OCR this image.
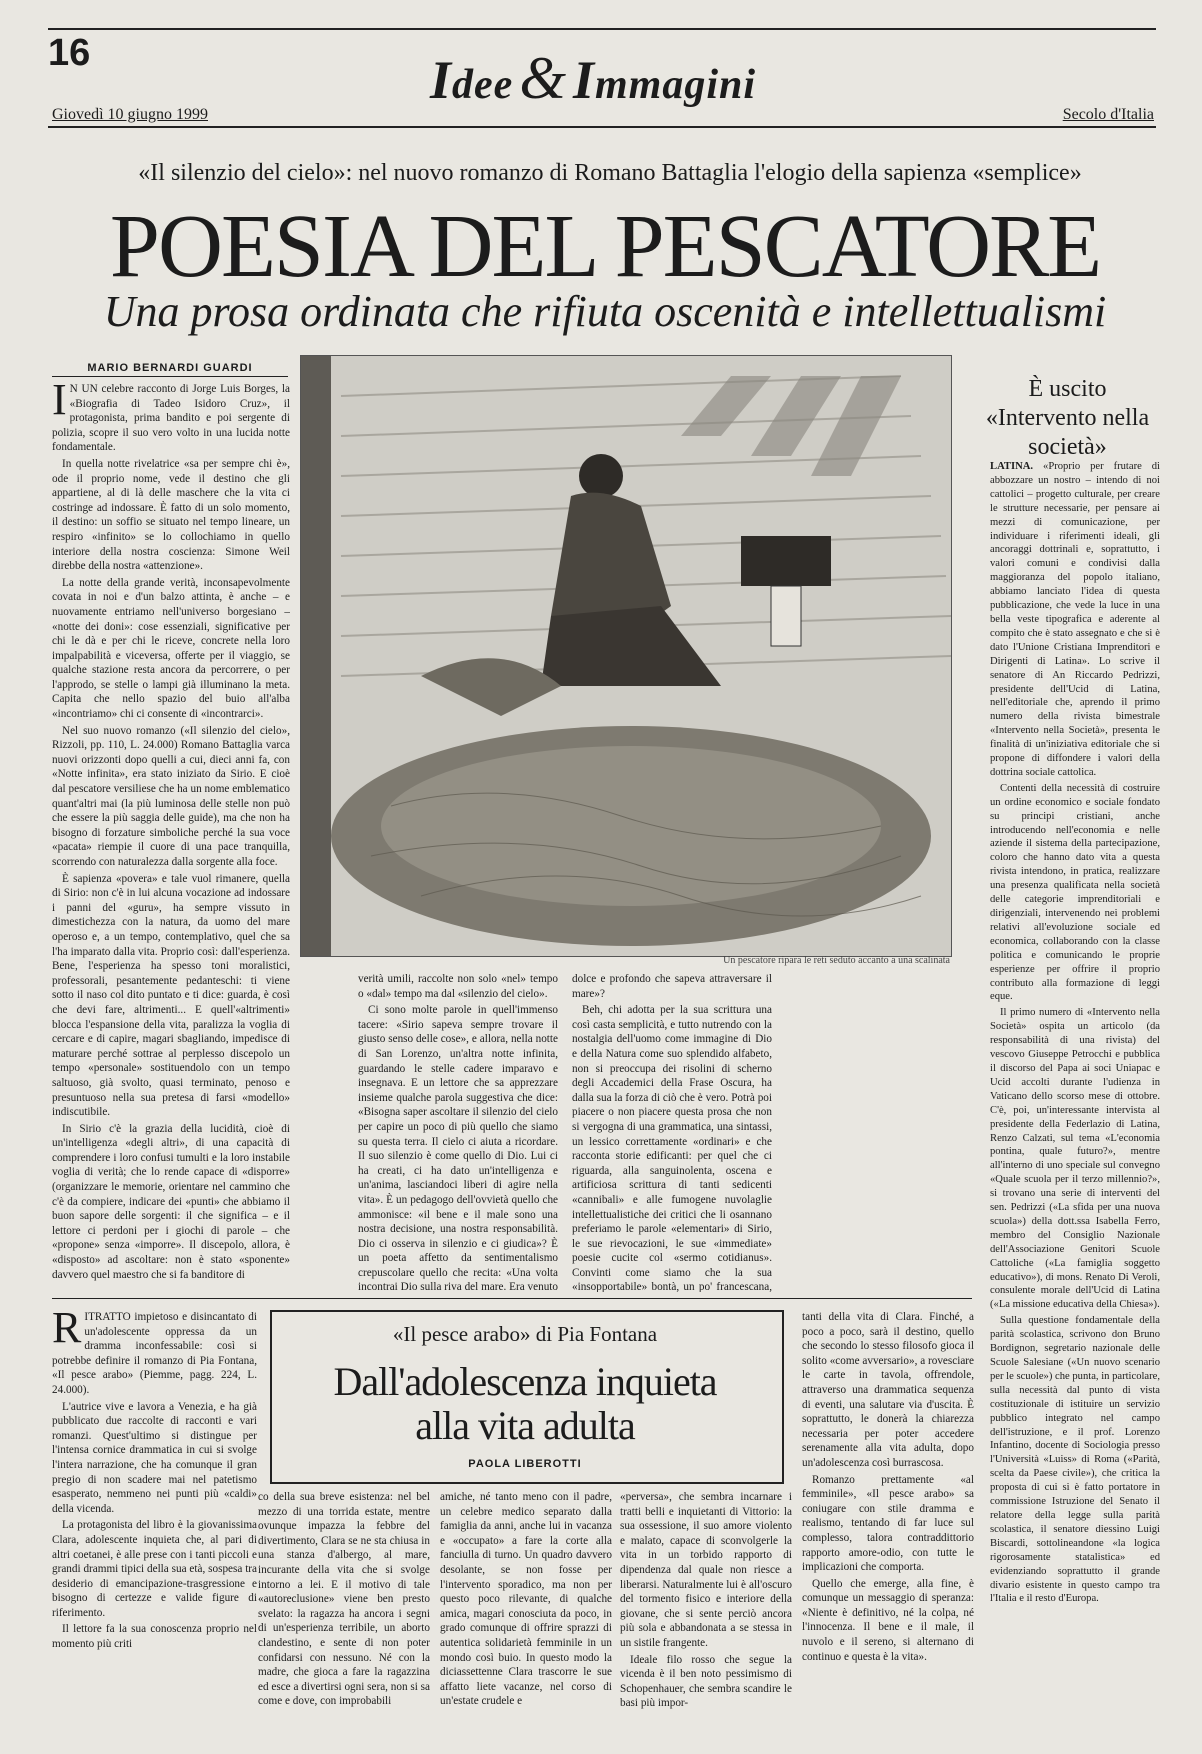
16	Idee & Immagini
Giovedì 10 giugno 1999	Secolo d'Italia
«Il silenzio del cielo»: nel nuovo romanzo di Romano Battaglia l'elogio della sapienza «semplice»
POESIA DEL PESCATORE
Una prosa ordinata che rifiuta oscenità e intellettualismi
MARIO BERNARDI GUARDI
I N UN celebre racconto di Jorge Luis Borges, la «Biografia di Tadeo Isidoro Cruz», il protagonista, prima bandito e poi sergente di polizia, scopre il suo vero volto in una lucida notte fondamentale.

In quella notte rivelatrice «sa per sempre chi è», ode il proprio nome, vede il destino che gli appartiene, al di là delle maschere che la vita ci costringe ad indossare. È fatto di un solo momento, il destino: un soffio se situato nel tempo lineare, un respiro «infinito» se lo collochiamo in quello interiore della nostra coscienza: Simone Weil direbbe della nostra «attenzione».

La notte della grande verità, inconsapevolmente covata in noi e d'un balzo attinta, è anche – e nuovamente entriamo nell'universo borgesiano – «notte dei doni»: cose essenziali, significative per chi le dà e per chi le riceve, concrete nella loro impalpabilità e viceversa, offerte per il viaggio, se qualche stazione resta ancora da percorrere, o per l'approdo, se stelle o lampi già illuminano la meta. Capita che nello spazio del buio all'alba «incontriamo» chi ci consente di «incontrarci».

Nel suo nuovo romanzo («Il silenzio del cielo», Rizzoli, pp. 110, L. 24.000) Romano Battaglia varca nuovi orizzonti dopo quelli a cui, dieci anni fa, con «Notte infinita», era stato iniziato da Sirio. E cioè dal pescatore versiliese che ha un nome emblematico quant'altri mai (la più luminosa delle stelle non può che essere la più saggia delle guide), ma che non ha bisogno di forzature simboliche perché la sua voce «pacata» riempie il cuore di una pace tranquilla, scorrendo con naturalezza dalla sorgente alla foce.

È sapienza «povera» e tale vuol rimanere, quella di Sirio: non c'è in lui alcuna vocazione ad indossare i panni del «guru», ha sempre vissuto in dimestichezza con la natura, da uomo del mare operoso e, a un tempo, contemplativo, quel che sa l'ha imparato dalla vita. Proprio così: dall'esperienza. Bene, l'esperienza ha spesso toni moralistici, professorali, pesantemente pedanteschi: ti viene sotto il naso col dito puntato e ti dice: guarda, è così che devi fare, altrimenti... E quell'«altrimenti» blocca l'espansione della vita, paralizza la voglia di cercare e di capire, magari sbagliando, impedisce di maturare perché sottrae al perplesso discepolo un tempo «personale» sostituendolo con un tempo saltuoso, già svolto, quasi terminato, penoso e presuntuoso nella sua pretesa di farsi «modello» indiscutibile.

In Sirio c'è la grazia della lucidità, cioè di un'intelligenza «degli altri», di una capacità di comprendere i loro confusi tumulti e la loro instabile voglia di verità; che lo rende capace di «disporre» (organizzare le memorie, orientare nel cammino che c'è da compiere, indicare dei «punti» che abbiamo il buon sapore delle sorgenti: il che significa – e il lettore ci perdoni per i giochi di parole – che «propone» senza «imporre». Il discepolo, allora, è «disposto» ad ascoltare: non è stato «sponente» davvero quel maestro che si fa banditore di

È uscito «Intervento nella società»

LATINA. «Proprio per frutare di abbozzare un nostro – intendo di noi cattolici – progetto culturale, per creare le strutture necessarie, per pensare ai mezzi di comunicazione, per individuare i riferimenti ideali, gli ancoraggi dottrinali e, soprattutto, i valori comuni e condivisi dalla maggioranza del popolo italiano, abbiamo lanciato l'idea di questa pubblicazione, che vede la luce in una bella veste tipografica e aderente al compito che è stato assegnato e che si è dato l'Unione Cristiana Imprenditori e Dirigenti di Latina». Lo scrive il senatore di An Riccardo Pedrizzi, presidente dell'Ucid di Latina, nell'editoriale che, aprendo il primo numero della rivista bimestrale «Intervento nella Società», presenta le finalità di un'iniziativa editoriale che si propone di diffondere i valori della dottrina sociale cattolica.

Contenti della necessità di costruire un ordine economico e sociale fondato su principi cristiani, anche introducendo nell'economia e nelle aziende il sistema della partecipazione, coloro che hanno dato vita a questa rivista intendono, in pratica, realizzare una presenza qualificata nella società delle categorie imprenditoriali e dirigenziali, intervenendo nei problemi relativi all'evoluzione sociale ed economica, collaborando con la classe politica e comunicando le proprie esperienze per offrire il proprio contributo alla formazione di leggi eque.

Il primo numero di «Intervento nella Società» ospita un articolo (da responsabilità di una rivista) del vescovo Giuseppe Petrocchi e pubblica il discorso del Papa ai soci Uniapac e Ucid accolti durante l'udienza in Vaticano dello scorso mese di ottobre. C'è, poi, un'interessante intervista al presidente della Federlazio di Latina, Renzo Calzati, sul tema «L'economia pontina, quale futuro?», mentre all'interno di uno speciale sul convegno «Quale scuola per il terzo millennio?», si trovano una serie di interventi del sen. Pedrizzi («La sfida per una nuova scuola») della dott.ssa Isabella Ferro, membro del Consiglio Nazionale dell'Associazione Genitori Scuole Cattoliche («La famiglia soggetto educativo»), di mons. Renato Di Veroli, consulente morale dell'Ucid di Latina («La missione educativa della Chiesa»).

Sulla questione fondamentale della parità scolastica, scrivono don Bruno Bordignon, segretario nazionale delle Scuole Salesiane («Un nuovo scenario per le scuole») che punta, in particolare, sulla necessità dal punto di vista costituzionale di istituire un servizio pubblico integrato nel campo dell'istruzione, e il prof. Lorenzo Infantino, docente di Sociologia presso l'Università «Luiss» di Roma («Parità, scelta da Paese civile»), che critica la proposta di cui si è fatto portatore in commissione Istruzione del Senato il relatore della legge sulla parità scolastica, il senatore diessino Luigi Biscardi, sottolineandone «la logica rigorosamente statalistica» ed evidenziando soprattutto il grande divario esistente in questo campo tra l'Italia e il resto d'Europa.

verità umili, raccolte non solo «nel» tempo o «dal» tempo ma dal «silenzio del cielo».

Ci sono molte parole in quell'immenso tacere: «Sirio sapeva sempre trovare il giusto senso delle cose», e allora, nella notte di San Lorenzo, un'altra notte infinita, guardando le stelle cadere imparavo e insegnava. E un lettore che sa apprezzare insieme qualche parola suggestiva che dice: «Bisogna saper ascoltare il silenzio del cielo per capire un poco di più quello che siamo su questa terra. Il cielo ci aiuta a ricordare. Il suo silenzio è come quello di Dio. Lui ci ha creati, ci ha dato un'intelligenza e un'anima, lasciandoci liberi di agire nella vita». È un pedagogo dell'ovvietà quello che ammonisce: «il bene e il male sono una nostra decisione, una nostra responsabilità. Dio ci osserva in silenzio e ci giudica»? È un poeta affetto da sentimentalismo crepuscolare quello che recita: «Una volta incontrai Dio sulla riva del mare. Era venuto

dolce e profondo che sapeva attraversare il mare»?

Beh, chi adotta per la sua scrittura una così casta semplicità, e tutto nutrendo con la nostalgia dell'uomo come immagine di Dio e della Natura come suo splendido alfabeto, non si preoccupa dei risolini di scherno degli Accademici della Frase Oscura, ha dalla sua la forza di ciò che è vero. Potrà poi piacere o non piacere questa prosa che non si vergogna di una grammatica, una sintassi, un lessico correttamente «ordinari» e che racconta storie edificanti: per quel che ci riguarda, alla sanguinolenta, oscena e artificiosa scrittura di tanti sedicenti «cannibali» e alle fumogene nuvolaglie intellettualistiche dei critici che li osannano preferiamo le parole «elementari» di Sirio, le sue rievocazioni, le sue «immediate» poesie cucite col «sermo cotidianus». Convinti come siamo che la sua «insopportabile» bontà, un po' francescana,

«Il pesce arabo» di Pia Fontana
Dall'adolescenza inquieta
alla vita adulta
PAOLA LIBEROTTI
R ITRATTO impietoso e disincantato di un'adolescente oppressa da un dramma inconfessabile: così si potrebbe definire il romanzo di Pia Fontana, «Il pesce arabo» (Piemme, pagg. 224, L. 24.000).

L'autrice vive e lavora a Venezia, e ha già pubblicato due raccolte di racconti e vari romanzi. Quest'ultimo si distingue per l'intensa cornice drammatica in cui si svolge l'intera narrazione, che ha comunque il gran pregio di non scadere mai nel patetismo esasperato, nemmeno nei punti più «caldi» della vicenda.

La protagonista del libro è la giovanissima Clara, adolescente inquieta che, al pari di altri coetanei, è alle prese con i tanti piccoli e grandi drammi tipici della sua età, sospesa tra desiderio di emancipazione-trasgressione e bisogno di certezze e valide figure di riferimento.

Il lettore fa la sua conoscenza proprio nel momento più criti

co della sua breve esistenza: nel bel mezzo di una torrida estate, mentre ovunque impazza la febbre del divertimento, Clara se ne sta chiusa in una stanza d'albergo, al mare, incurante della vita che si svolge intorno a lei. E il motivo di tale «autoreclusione» viene ben presto svelato: la ragazza ha ancora i segni di un'esperienza terribile, un aborto clandestino, e sente di non poter confidarsi con nessuno. Né con la madre, che gioca a fare la ragazzina ed esce a divertirsi ogni sera, non si sa come e dove, con improbabili

amiche, né tanto meno con il padre, un celebre medico separato dalla famiglia da anni, anche lui in vacanza e «occupato» a fare la corte alla fanciulla di turno. Un quadro davvero desolante, se non fosse per l'intervento sporadico, ma non per questo poco rilevante, di qualche amica, magari conosciuta da poco, in grado comunque di offrire sprazzi di autentica solidarietà femminile in un mondo così buio. In questo modo la diciassettenne Clara trascorre le sue affatto liete vacanze, nel corso di un'estate crudele e

«perversa», che sembra incarnare i tratti belli e inquietanti di Vittorio: la sua ossessione, il suo amore violento e malato, capace di sconvolgerle la vita in un torbido rapporto di dipendenza dal quale non riesce a liberarsi. Naturalmente lui è all'oscuro del tormento fisico e interiore della giovane, che si sente perciò ancora più sola e abbandonata a se stessa in un sistile frangente.

Ideale filo rosso che segue la vicenda è il ben noto pessimismo di Schopenhauer, che sembra scandire le basi più impor-

tanti della vita di Clara. Finché, a poco a poco, sarà il destino, quello che secondo lo stesso filosofo gioca il solito «come avversario», a rovesciare le carte in tavola, offrendole, attraverso una drammatica sequenza di eventi, una salutare via d'uscita. È soprattutto, le donerà la chiarezza necessaria per poter accedere serenamente alla vita adulta, dopo un'adolescenza così burrascosa.

Romanzo prettamente «al femminile», «Il pesce arabo» sa coniugare con stile dramma e realismo, tentando di far luce sul complesso, talora contraddittorio rapporto amore-odio, con tutte le implicazioni che comporta.

Quello che emerge, alla fine, è comunque un messaggio di speranza: «Niente è definitivo, né la colpa, né l'innocenza. Il bene e il male, il nuvolo e il sereno, si alternano di continuo e questa è la vita».

Un pescatore ripara le reti seduto accanto a una scalinata
